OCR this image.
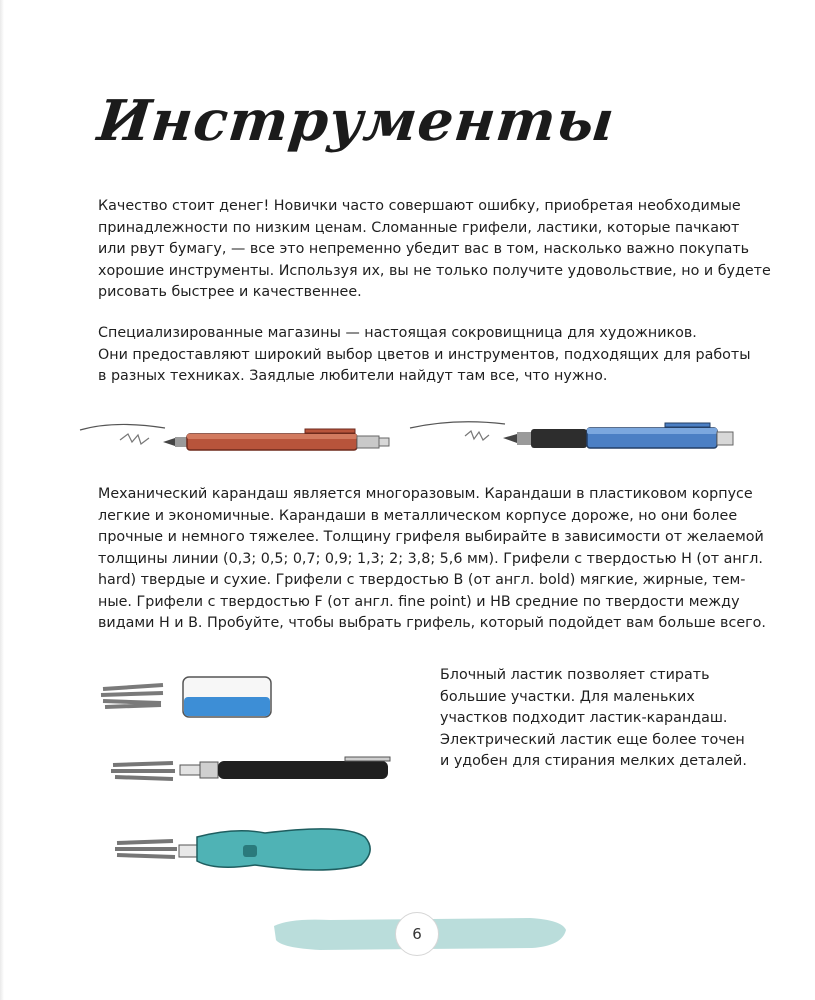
Инструменты
Качество стоит денег! Новички часто совершают ошибку, приобретая необходимые
принадлежности по низким ценам. Сломанные грифели, ластики, которые пачкают
или рвут бумагу, — все это непременно убедит вас в том, насколько важно покупать
хорошие инструменты. Используя их, вы не только получите удовольствие, но и будете
рисовать быстрее и качественнее.
Специализированные магазины — настоящая сокровищница для художников.
Они предоставляют широкий выбор цветов и инструментов, подходящих для работы
в разных техниках. Заядлые любители найдут там все, что нужно.
Механический карандаш является многоразовым. Карандаши в пластиковом корпусе
легкие и экономичные. Карандаши в металлическом корпусе дороже, но они более
прочные и немного тяжелее. Толщину грифеля выбирайте в зависимости от желаемой
толщины линии (0,3; 0,5; 0,7; 0,9; 1,3; 2; 3,8; 5,6 мм). Грифели с твердостью H (от англ.
hard) твердые и сухие. Грифели с твердостью B (от англ. bold) мягкие, жирные, тем-
ные. Грифели с твердостью F (от англ. fine point) и HB средние по твердости между
видами H и B. Пробуйте, чтобы выбрать грифель, который подойдет вам больше всего.
Блочный ластик позволяет стирать
большие участки. Для маленьких
участков подходит ластик-карандаш.
Электрический ластик еще более точен
и удобен для стирания мелких деталей.
6
